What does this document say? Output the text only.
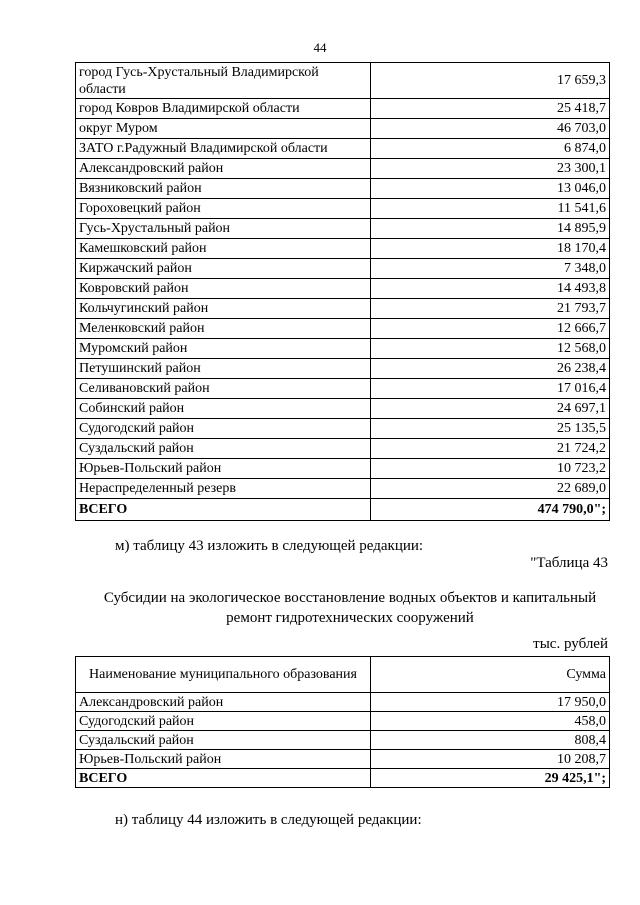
44
город Гусь-Хрустальный Владимирской области	17 659,3
город Ковров Владимирской области	25 418,7
округ Муром	46 703,0
ЗАТО г.Радужный Владимирской области	6 874,0
Александровский район	23 300,1
Вязниковский район	13 046,0
Гороховецкий район	11 541,6
Гусь-Хрустальный район	14 895,9
Камешковский район	18 170,4
Киржачский район	7 348,0
Ковровский район	14 493,8
Кольчугинский район	21 793,7
Меленковский район	12 666,7
Муромский район	12 568,0
Петушинский район	26 238,4
Селивановский район	17 016,4
Собинский район	24 697,1
Судогодский район	25 135,5
Суздальский район	21 724,2
Юрьев-Польский район	10 723,2
Нераспределенный резерв	22 689,0
ВСЕГО	474 790,0";
м) таблицу 43 изложить в следующей редакции:
"Таблица 43
Субсидии на экологическое восстановление водных объектов и капитальный
ремонт гидротехнических сооружений
тыс. рублей
Наименование муниципального образования	Сумма
Александровский район	17 950,0
Судогодский район	458,0
Суздальский район	808,4
Юрьев-Польский район	10 208,7
ВСЕГО	29 425,1";
н) таблицу 44 изложить в следующей редакции:
